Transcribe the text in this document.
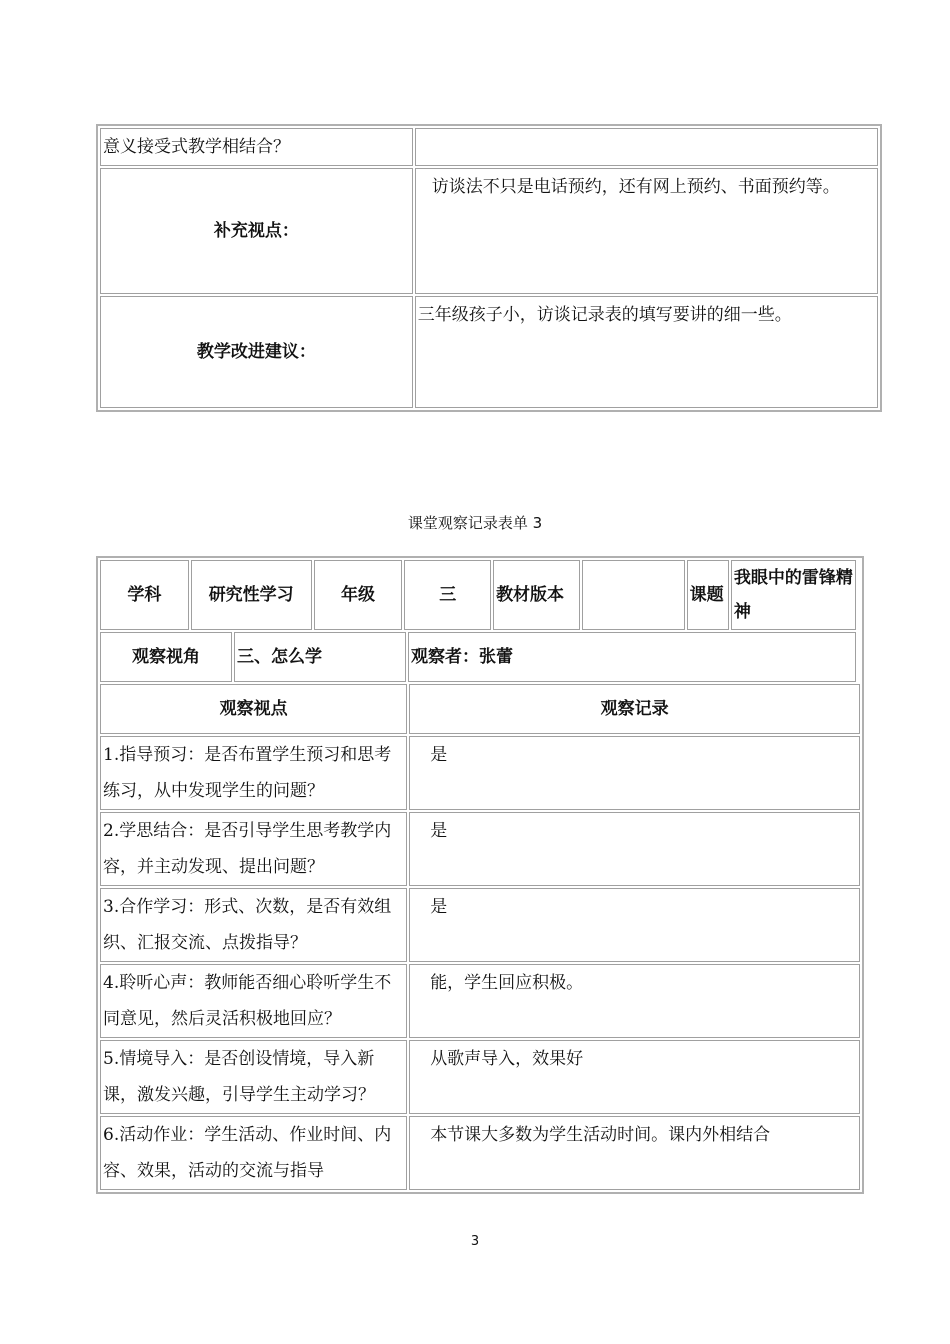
意义接受式教学相结合？	
补充视点：	访谈法不只是电话预约，还有网上预约、书面预约等。
教学改进建议：	三年级孩子小，访谈记录表的填写要讲的细一些。
课堂观察记录表单 3
学科	研究性学习	年级	三	教材版本		课题	我眼中的雷锋精神

观察视角	三、怎么学	观察者：张蕾

观察视点	观察记录
1.指导预习：是否布置学生预习和思考练习，从中发现学生的问题？	是
2.学思结合：是否引导学生思考教学内容，并主动发现、提出问题？	是
3.合作学习：形式、次数，是否有效组织、汇报交流、点拨指导？	是
4.聆听心声：教师能否细心聆听学生不同意见，然后灵活积极地回应？	能，学生回应积极。
5.情境导入：是否创设情境，导入新课，激发兴趣，引导学生主动学习？	从歌声导入，效果好
6.活动作业：学生活动、作业时间、内容、效果，活动的交流与指导	本节课大多数为学生活动时间。课内外相结合
3
